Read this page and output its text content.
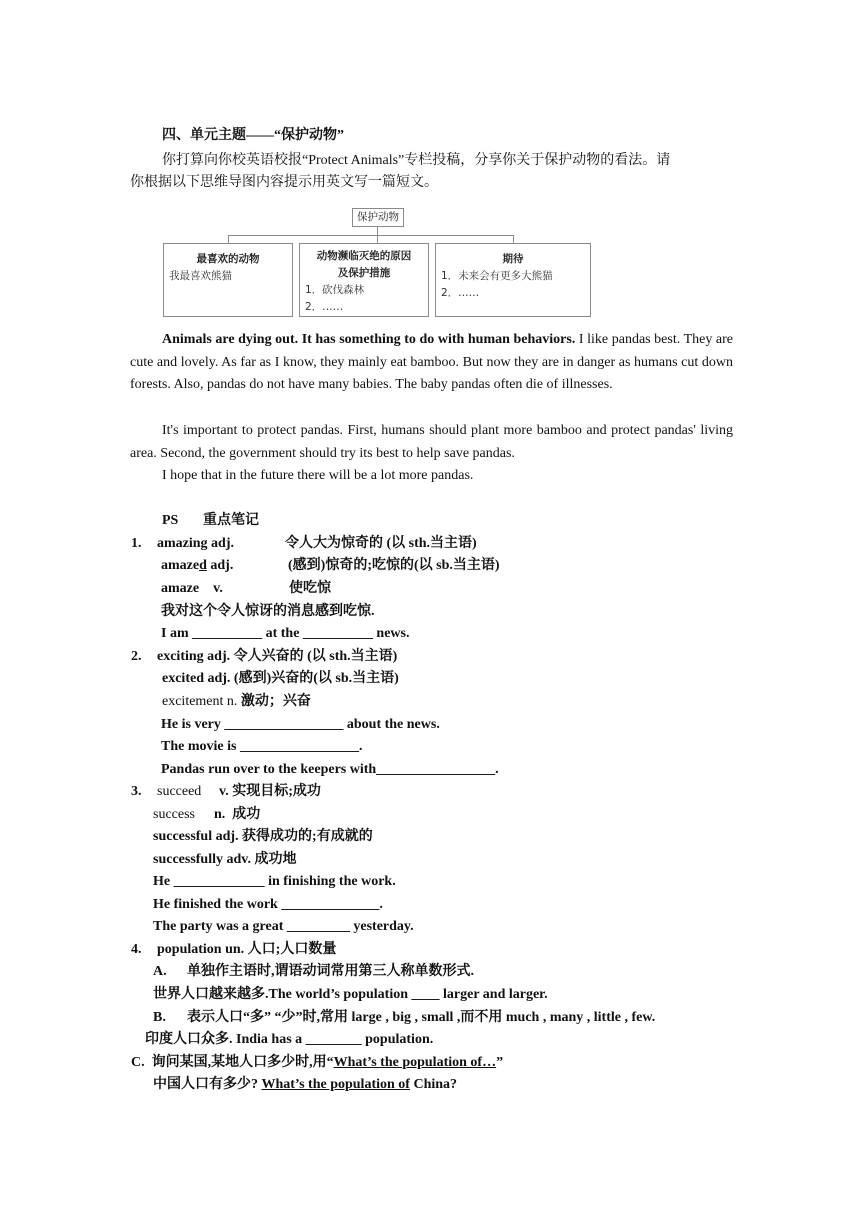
四、单元主题——“保护动物”
你打算向你校英语校报“Protect Animals”专栏投稿，分享你关于保护动物的看法。请
你根据以下思维导图内容提示用英文写一篇短文。
保护动物
最喜欢的动物
我最喜欢熊猫
动物濒临灭绝的原因
及保护措施
1．砍伐森林
2．……
期待
1．未来会有更多大熊猫
2．……
Animals are dying out. It has something to do with human behaviors. I like pandas best. They are cute and lovely. As far as I know, they mainly eat bamboo. But now they are in danger as humans cut down forests. Also, pandas do not have many babies. The baby pandas often die of illnesses.
It's important to protect pandas. First, humans should plant more bamboo and protect pandas' living area. Second, the government should try its best to help save pandas.
I hope that in the future there will be a lot more pandas.
PS 重点笔记
1. amazing adj.	令人大为惊奇的 (以 sth.当主语)
amazed adj.	(感到)惊奇的;吃惊的(以 sb.当主语)
amaze    v.	使吃惊
我对这个令人惊讶的消息感到吃惊.
I am __________ at the __________ news.
2. exciting adj. 令人兴奋的 (以 sth.当主语)
excited adj. (感到)兴奋的(以 sb.当主语)
excitement n. 激动；兴奋
He is very _________________ about the news.
The movie is _________________.
Pandas run over to the keepers with_________________.
3. succeed v. 实现目标;成功
success n.  成功
successful adj. 获得成功的;有成就的
successfully adv. 成功地
He _____________ in finishing the work.
He finished the work ______________.
The party was a great _________ yesterday.
4. population un. 人口;人口数量
A. 单独作主语时,谓语动词常用第三人称单数形式.
世界人口越来越多.The world’s population ____ larger and larger.
B. 表示人口“多” “少”时,常用 large , big , small ,而不用 much , many , little , few.
印度人口众多. India has a ________ population.
C.  询问某国,某地人口多少时,用“What’s the population of…”
中国人口有多少? What’s the population of China?
